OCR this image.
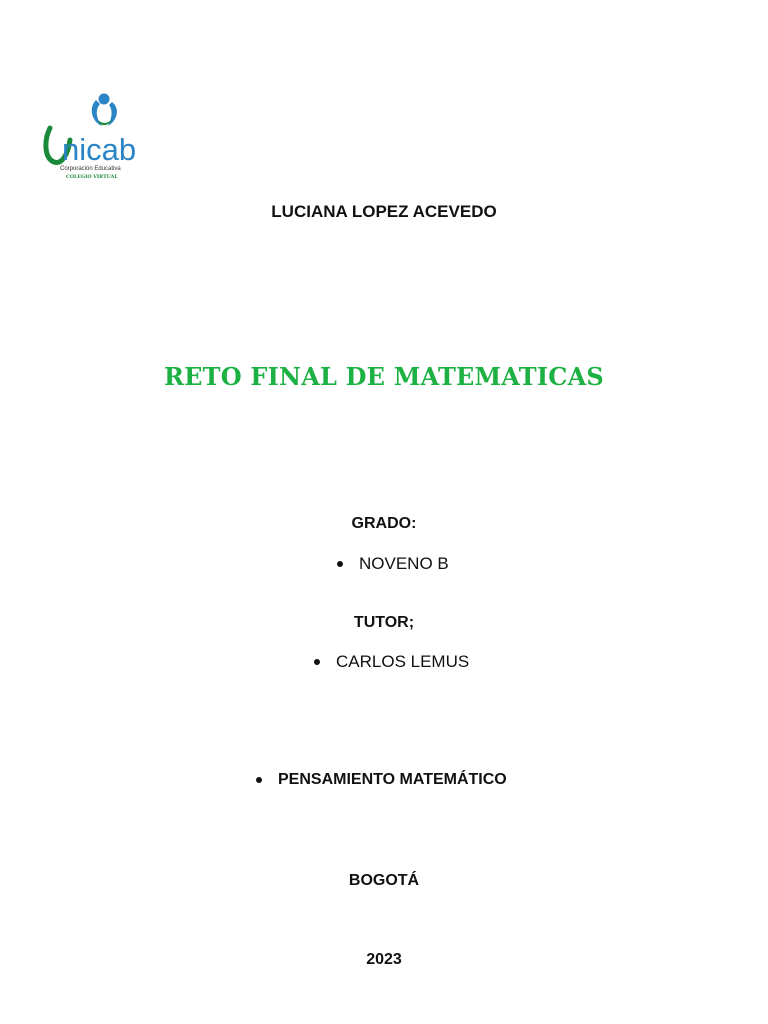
nicab
Corporación Educativa
COLEGIO VIRTUAL
LUCIANA LOPEZ ACEVEDO
RETO FINAL DE MATEMATICAS
GRADO:
NOVENO B
TUTOR;
CARLOS LEMUS
PENSAMIENTO MATEMÁTICO
BOGOTÁ
2023
